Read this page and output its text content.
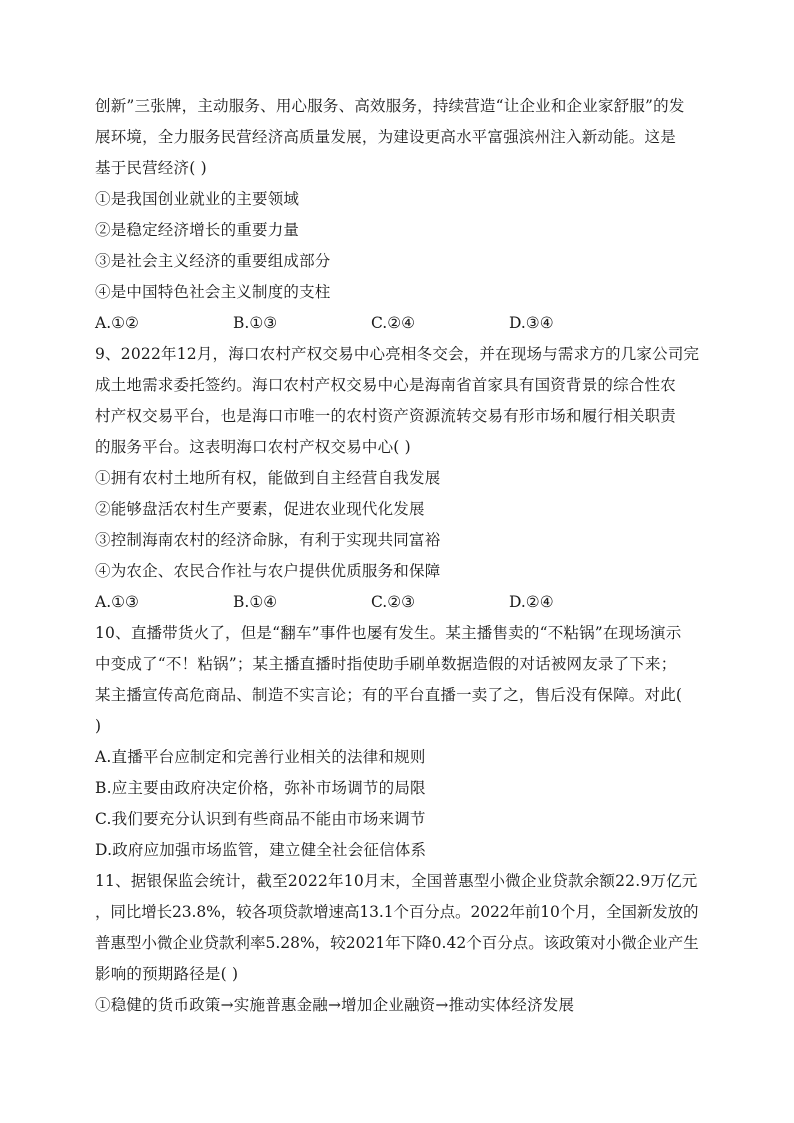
创新”三张牌，主动服务、用心服务、高效服务，持续营造“让企业和企业家舒服”的发
展环境，全力服务民营经济高质量发展，为建设更高水平富强滨州注入新动能。这是
基于民营经济( )
①是我国创业就业的主要领域
②是稳定经济增长的重要力量
③是社会主义经济的重要组成部分
④是中国特色社会主义制度的支柱
A.①②	B.①③	C.②④	D.③④
9、2022年12月，海口农村产权交易中心亮相冬交会，并在现场与需求方的几家公司完
成土地需求委托签约。海口农村产权交易中心是海南省首家具有国资背景的综合性农
村产权交易平台，也是海口市唯一的农村资产资源流转交易有形市场和履行相关职责
的服务平台。这表明海口农村产权交易中心( )
①拥有农村土地所有权，能做到自主经营自我发展
②能够盘活农村生产要素，促进农业现代化发展
③控制海南农村的经济命脉，有利于实现共同富裕
④为农企、农民合作社与农户提供优质服务和保障
A.①③	B.①④	C.②③	D.②④
10、直播带货火了，但是“翻车”事件也屡有发生。某主播售卖的“不粘锅”在现场演示
中变成了“不！粘锅”；某主播直播时指使助手刷单数据造假的对话被网友录了下来；
某主播宣传高危商品、制造不实言论；有的平台直播一卖了之，售后没有保障。对此(
)
A.直播平台应制定和完善行业相关的法律和规则
B.应主要由政府决定价格，弥补市场调节的局限
C.我们要充分认识到有些商品不能由市场来调节
D.政府应加强市场监管，建立健全社会征信体系
11、据银保监会统计，截至2022年10月末，全国普惠型小微企业贷款余额22.9万亿元
，同比增长23.8%，较各项贷款增速高13.1个百分点。2022年前10个月，全国新发放的
普惠型小微企业贷款利率5.28%，较2021年下降0.42个百分点。该政策对小微企业产生
影响的预期路径是( )
①稳健的货币政策→实施普惠金融→增加企业融资→推动实体经济发展
